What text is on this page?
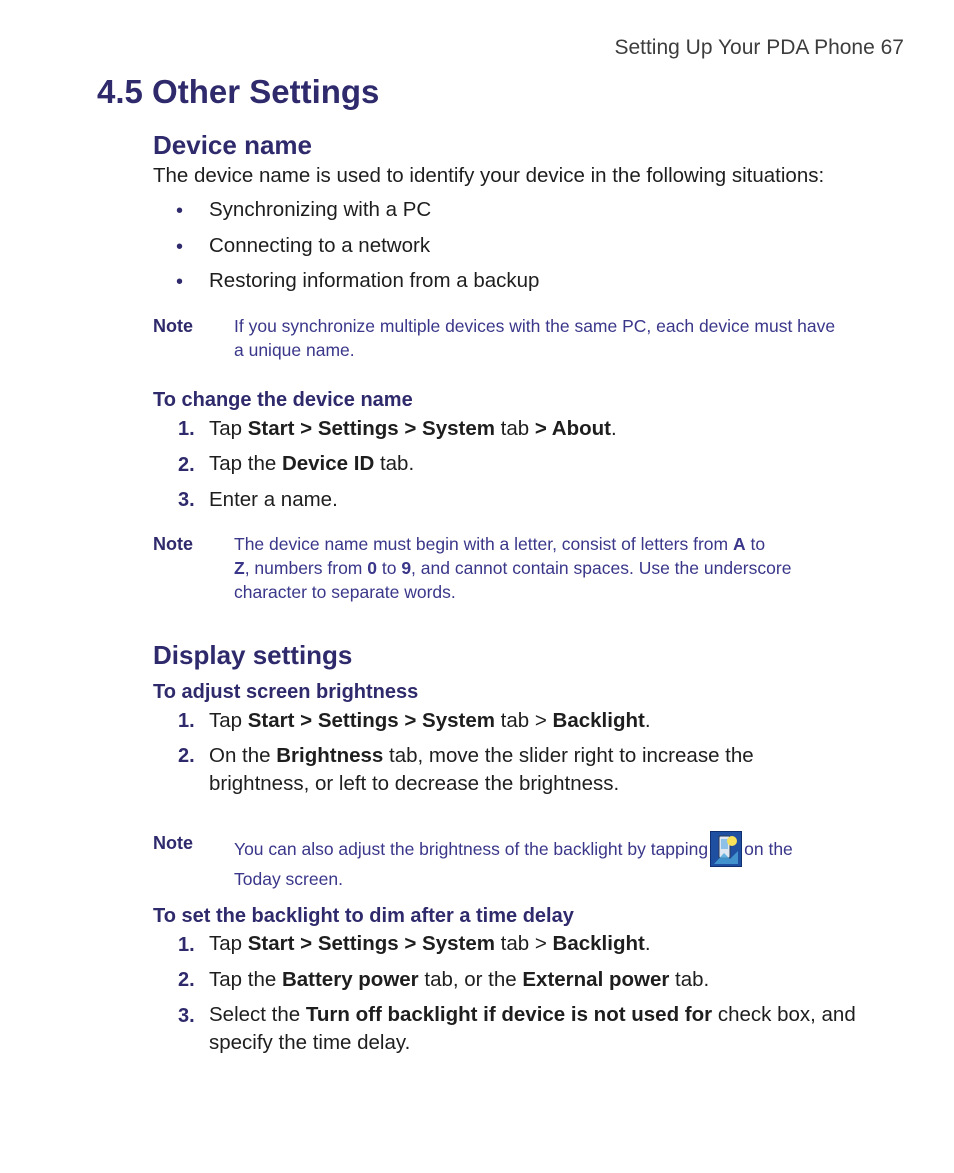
Setting Up Your PDA Phone 67
4.5 Other Settings
Device name
The device name is used to identify your device in the following situations:
• Synchronizing with a PC
• Connecting to a network
• Restoring information from a backup
Note If you synchronize multiple devices with the same PC, each device must have
a unique name.
To change the device name
1. Tap Start > Settings > System tab > About.
2. Tap the Device ID tab.
3. Enter a name.
Note The device name must begin with a letter, consist of letters from A to
Z, numbers from 0 to 9, and cannot contain spaces. Use the underscore
character to separate words.
Display settings
To adjust screen brightness
1. Tap Start > Settings > System tab > Backlight.
2. On the Brightness tab, move the slider right to increase the
brightness, or left to decrease the brightness.
Note You can also adjust the brightness of the backlight by tapping on the
Today screen.
To set the backlight to dim after a time delay
1. Tap Start > Settings > System tab > Backlight.
2. Tap the Battery power tab, or the External power tab.
3. Select the Turn off backlight if device is not used for check box, and
specify the time delay.
